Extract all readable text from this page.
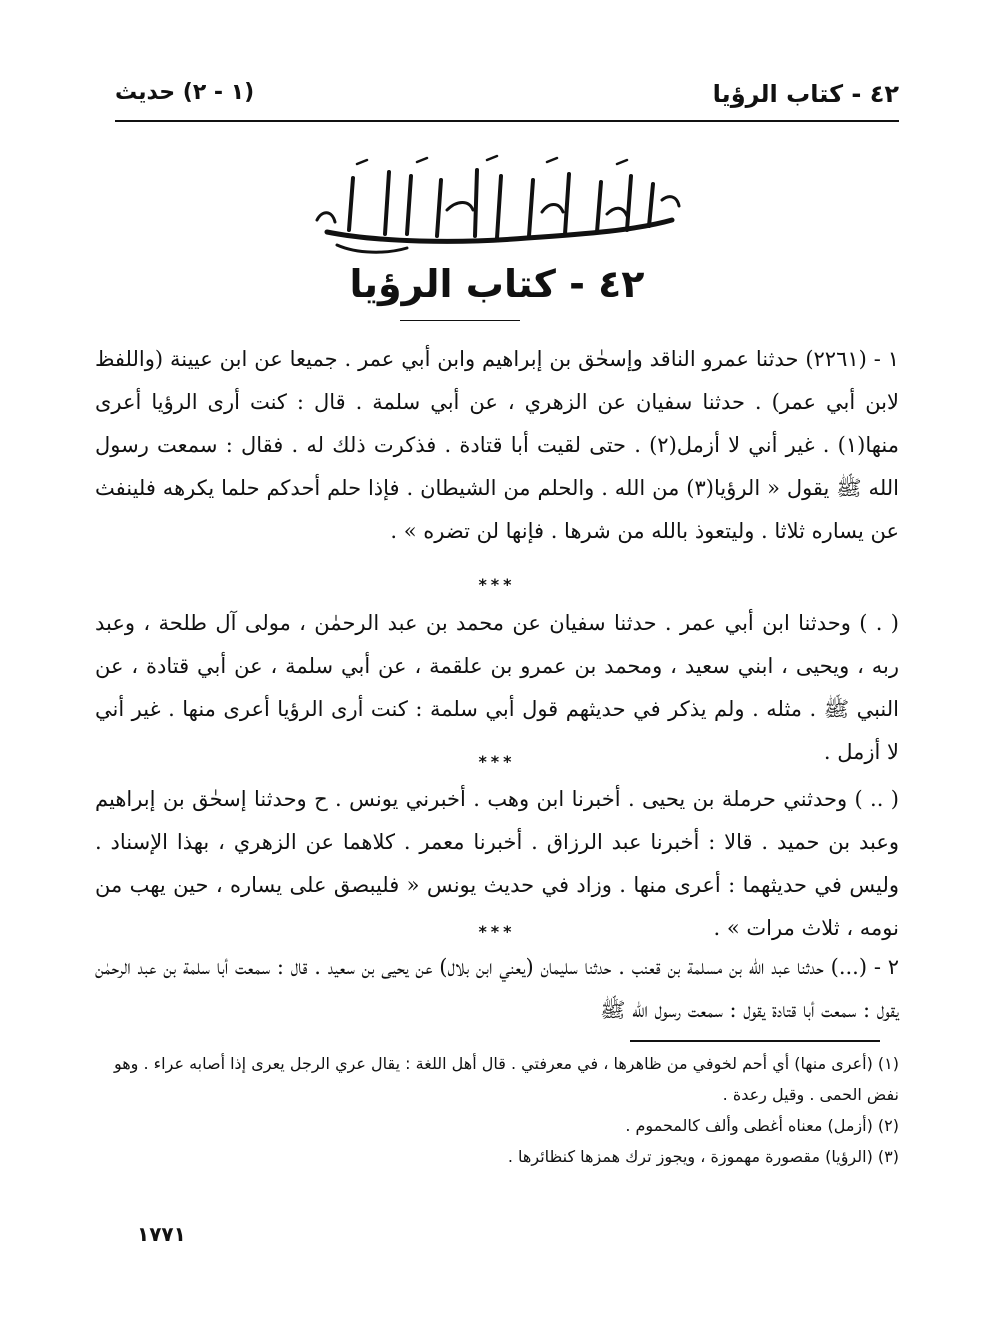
٤٢ - كتاب الرؤيا
(١ - ٢) حديث
٤٢ - كتاب الرؤيا

١ - (٢٢٦١) حدثنا عمرو الناقد وإسحٰق بن إبراهيم وابن أبي عمر . جميعا عن ابن عيينة (واللفظ لابن أبي عمر) . حدثنا سفيان عن الزهري ، عن أبي سلمة . قال : كنت أرى الرؤيا أعرى منها(١) . غير أني لا أزمل(٢) . حتى لقيت أبا قتادة . فذكرت ذلك له . فقال : سمعت رسول الله ﷺ يقول « الرؤيا(٣) من الله . والحلم من الشيطان . فإذا حلم أحدكم حلما يكرهه فلينفث عن يساره ثلاثا . وليتعوذ بالله من شرها . فإنها لن تضره » .

***

( . ) وحدثنا ابن أبي عمر . حدثنا سفيان عن محمد بن عبد الرحمٰن ، مولى آل طلحة ، وعبد ربه ، ويحيى ، ابني سعيد ، ومحمد بن عمرو بن علقمة ، عن أبي سلمة ، عن أبي قتادة ، عن النبي ﷺ . مثله . ولم يذكر في حديثهم قول أبي سلمة : كنت أرى الرؤيا أعرى منها . غير أني لا أزمل .

***

( .. ) وحدثني حرملة بن يحيى . أخبرنا ابن وهب . أخبرني يونس . ح وحدثنا إسحٰق بن إبراهيم وعبد بن حميد . قالا : أخبرنا عبد الرزاق . أخبرنا معمر . كلاهما عن الزهري ، بهذا الإسناد . وليس في حديثهما : أعرى منها . وزاد في حديث يونس « فليبصق على يساره ، حين يهب من نومه ، ثلاث مرات » .

***

٢ - (...) حدثنا عبد الله بن مسلمة بن قعنب . حدثنا سليمان (يعني ابن بلال) عن يحيى بن سعيد . قال : سمعت أبا سلمة بن عبد الرحمٰن يقول : سمعت أبا قتادة يقول : سمعت رسول الله ﷺ

(١) (أعرى منها) أي أحم لخوفي من ظاهرها ، في معرفتي . قال أهل اللغة : يقال عري الرجل يعرى إذا أصابه عراء . وهو نفض الحمى . وقيل رعدة .

(٢) (أزمل) معناه أغطى وألف كالمحموم .

(٣) (الرؤيا) مقصورة مهموزة ، ويجوز ترك همزها كنظائرها .

١٧٧١
